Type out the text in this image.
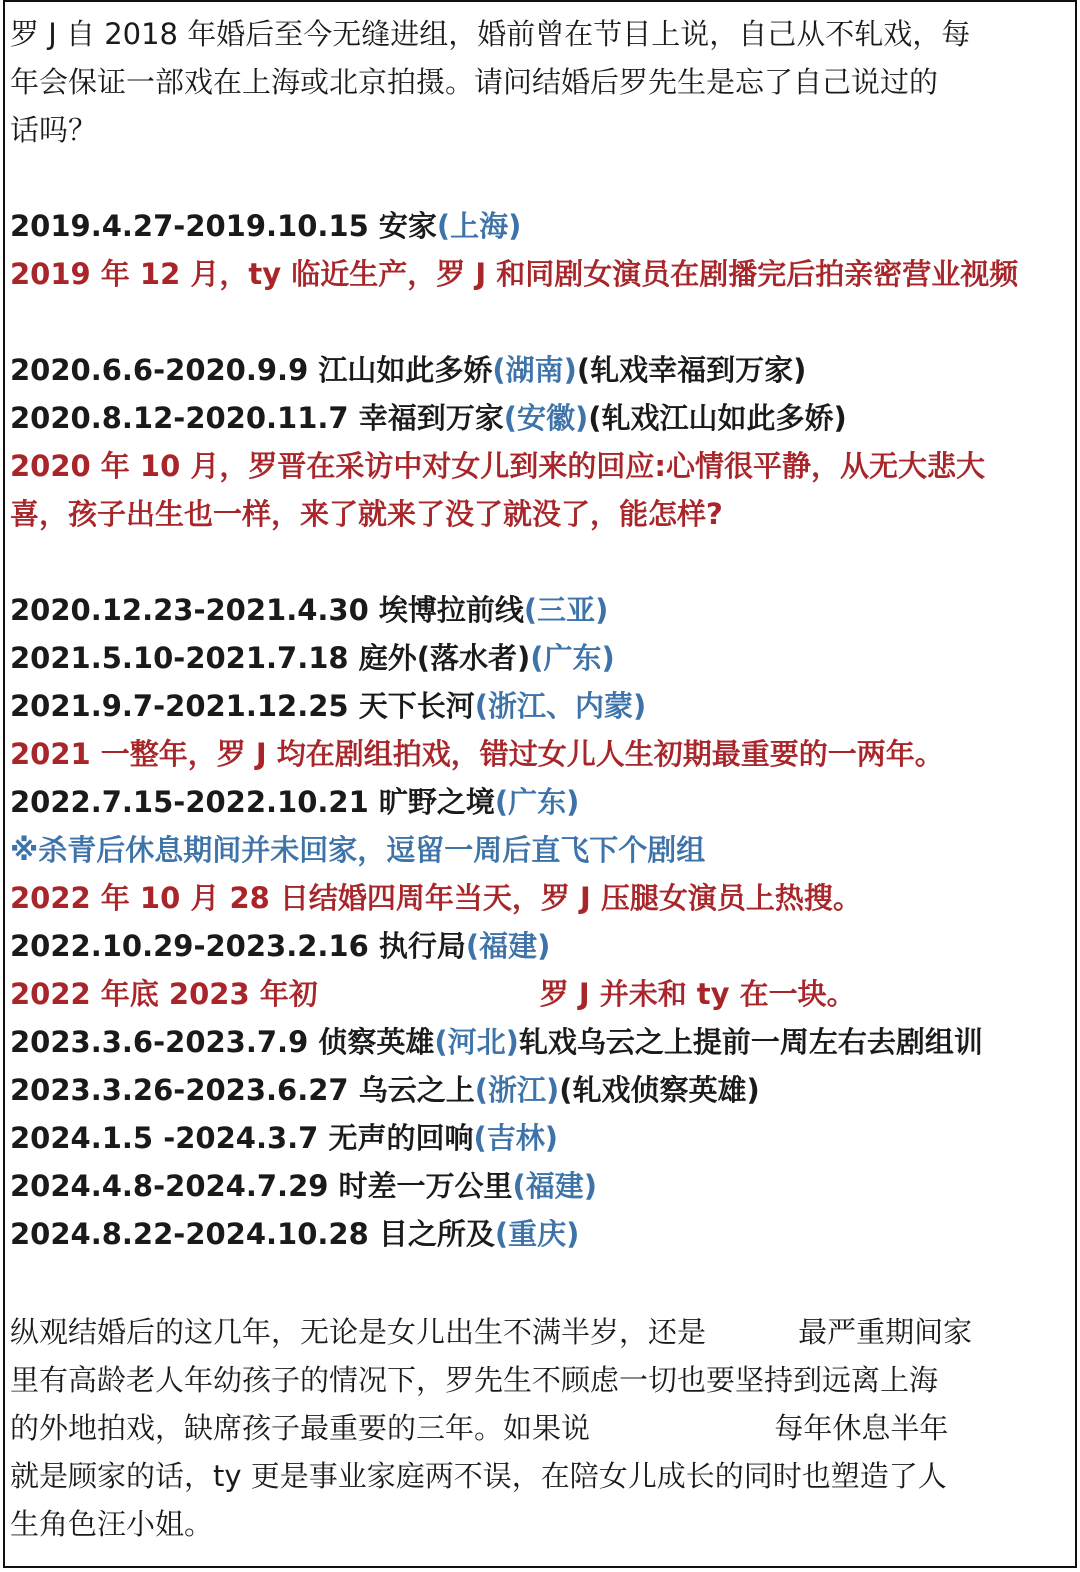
罗 J 自 2018 年婚后至今无缝进组，婚前曾在节目上说，自己从不轧戏，每
年会保证一部戏在上海或北京拍摄。请问结婚后罗先生是忘了自己说过的
话吗？
2019.4.27-2019.10.15 安家(上海)
2019 年 12 月，ty 临近生产，罗 J 和同剧女演员在剧播完后拍亲密营业视频
2020.6.6-2020.9.9 江山如此多娇(湖南)(轧戏幸福到万家)
2020.8.12-2020.11.7 幸福到万家(安徽)(轧戏江山如此多娇)
2020 年 10 月，罗晋在采访中对女儿到来的回应:心情很平静，从无大悲大
喜，孩子出生也一样，来了就来了没了就没了，能怎样?
2020.12.23-2021.4.30 埃博拉前线(三亚)
2021.5.10-2021.7.18 庭外(落水者)(广东)
2021.9.7-2021.12.25 天下长河(浙江、内蒙)
2021 一整年，罗 J 均在剧组拍戏，错过女儿人生初期最重要的一两年。
2022.7.15-2022.10.21 旷野之境(广东)
※杀青后休息期间并未回家，逗留一周后直飞下个剧组
2022 年 10 月 28 日结婚四周年当天，罗 J 压腿女演员上热搜。
2022.10.29-2023.2.16 执行局(福建)
2022 年底 2023 年初	罗 J 并未和 ty 在一块。
2023.3.6-2023.7.9 侦察英雄(河北)轧戏乌云之上提前一周左右去剧组训
2023.3.26-2023.6.27 乌云之上(浙江)(轧戏侦察英雄)
2024.1.5 -2024.3.7 无声的回响(吉林)
2024.4.8-2024.7.29 时差一万公里(福建)
2024.8.22-2024.10.28 目之所及(重庆)
纵观结婚后的这几年，无论是女儿出生不满半岁，还是          最严重期间家
里有高龄老人年幼孩子的情况下，罗先生不顾虑一切也要坚持到远离上海
的外地拍戏，缺席孩子最重要的三年。如果说                    每年休息半年
就是顾家的话，ty 更是事业家庭两不误，在陪女儿成长的同时也塑造了人
生角色汪小姐。
